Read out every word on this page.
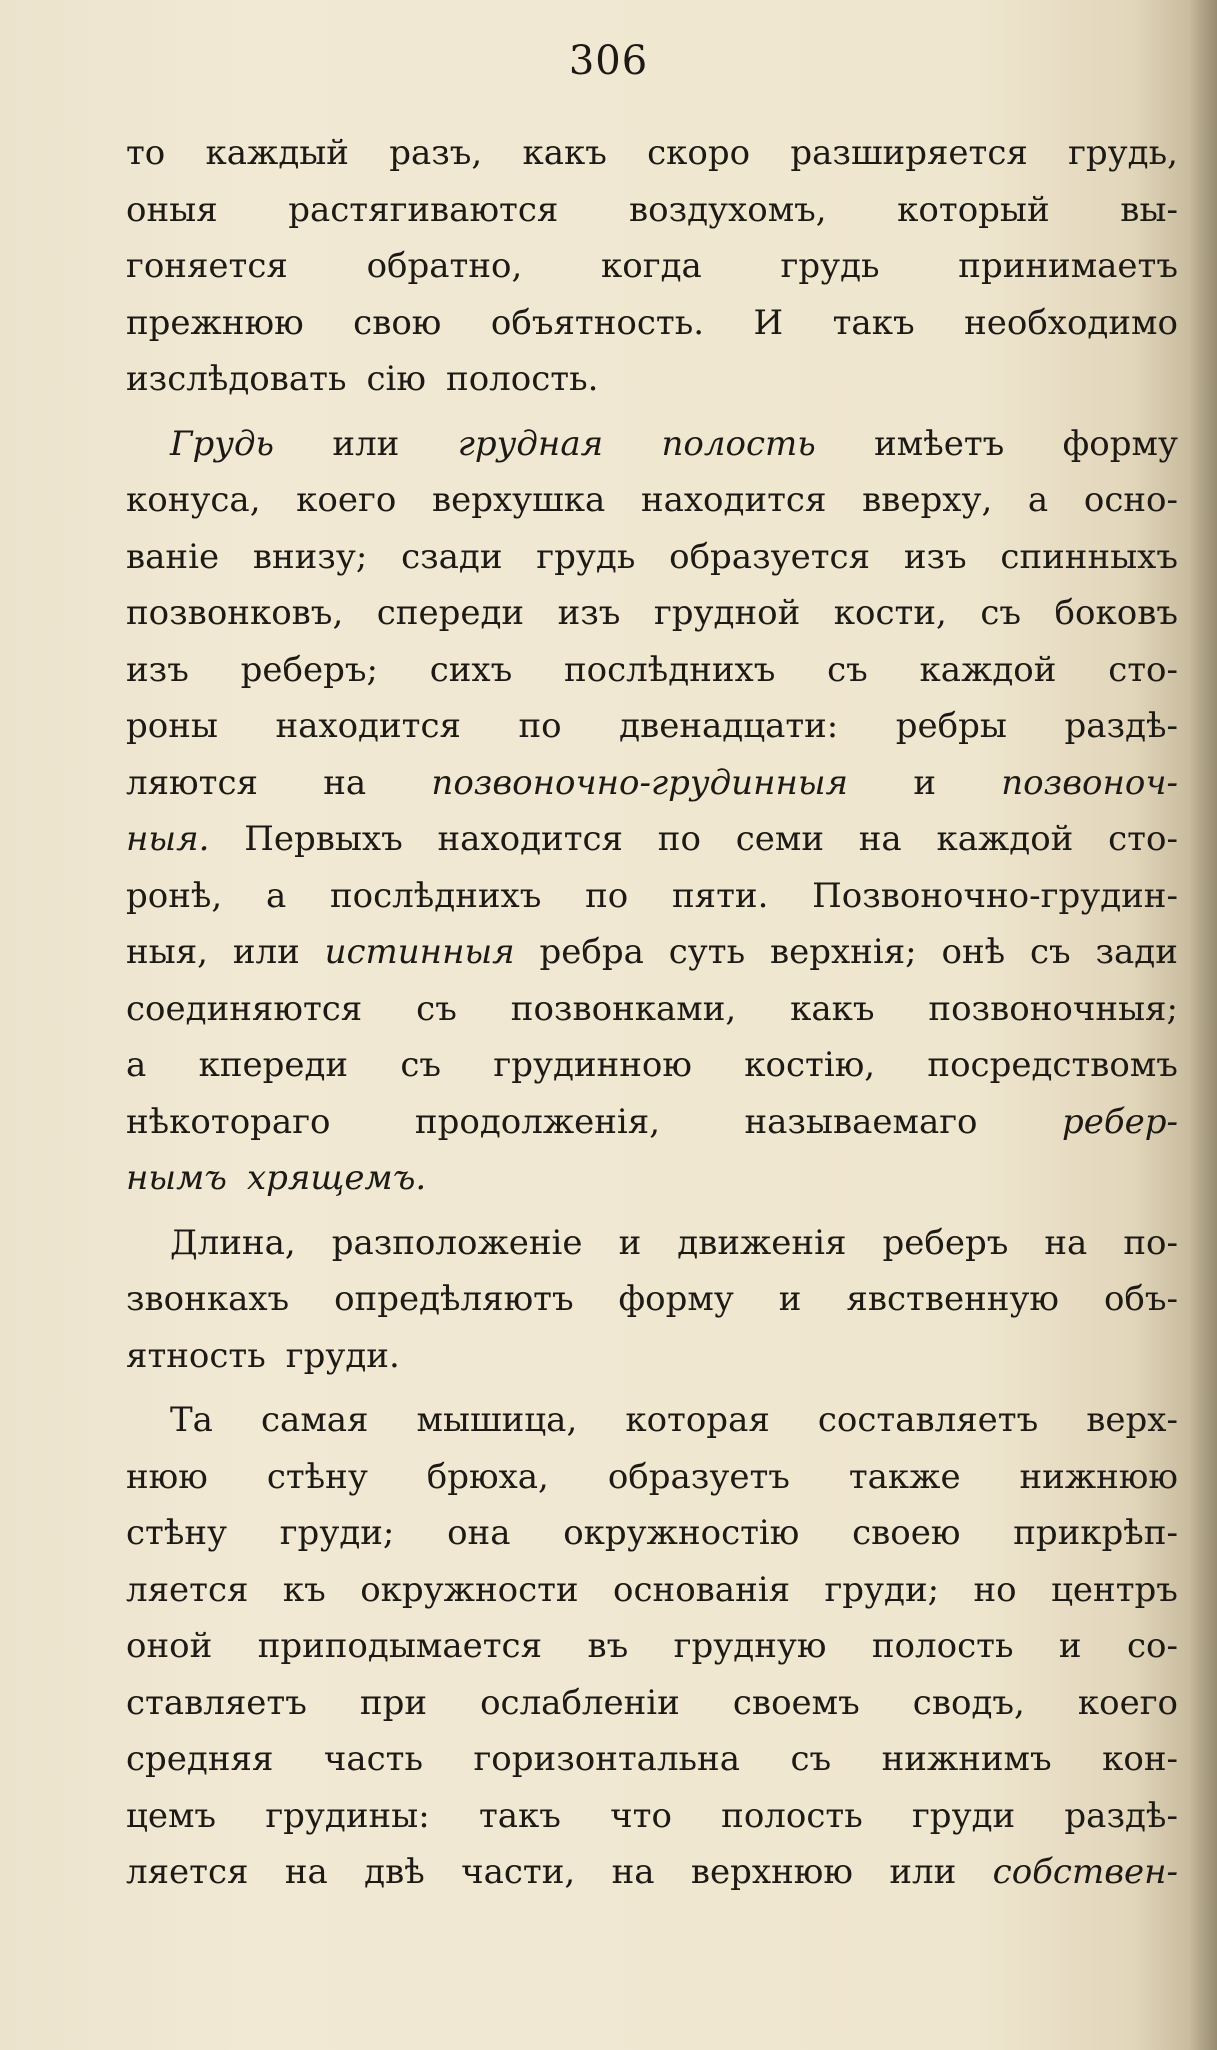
306
то каждый разъ, какъ скоро разширяется грудь,
оныя растягиваются воздухомъ, который вы-
гоняется обратно, когда грудь принимаетъ
прежнюю свою объятность. И такъ необходимо
изслѣдовать сію полость.
Грудь или грудная полость имѣетъ форму
конуса, коего верхушка находится вверху, а осно-
ваніе внизу; сзади грудь образуется изъ спинныхъ
позвонковъ, спереди изъ грудной кости, съ боковъ
изъ реберъ; сихъ послѣднихъ съ каждой сто-
роны находится по двенадцати: ребры раздѣ-
ляются на позвоночно-грудинныя и позвоноч-
ныя. Первыхъ находится по семи на каждой сто-
ронѣ, а послѣднихъ по пяти. Позвоночно-грудин-
ныя, или истинныя ребра суть верхнія; онѣ съ зади
соединяются съ позвонками, какъ позвоночныя;
а кпереди съ грудинною костію, посредствомъ
нѣкотораго продолженія, называемаго ребер-
нымъ хрящемъ.
Длина, разположеніе и движенія реберъ на по-
звонкахъ опредѣляютъ форму и явственную объ-
ятность груди.
Та самая мышица, которая составляетъ верх-
нюю стѣну брюха, образуетъ также нижнюю
стѣну груди; она окружностію своею прикрѣп-
ляется къ окружности основанія груди; но центръ
оной приподымается въ грудную полость и со-
ставляетъ при ослабленіи своемъ сводъ, коего
средняя часть горизонтальна съ нижнимъ кон-
цемъ грудины: такъ что полость груди раздѣ-
ляется на двѣ части, на верхнюю или собствен-
